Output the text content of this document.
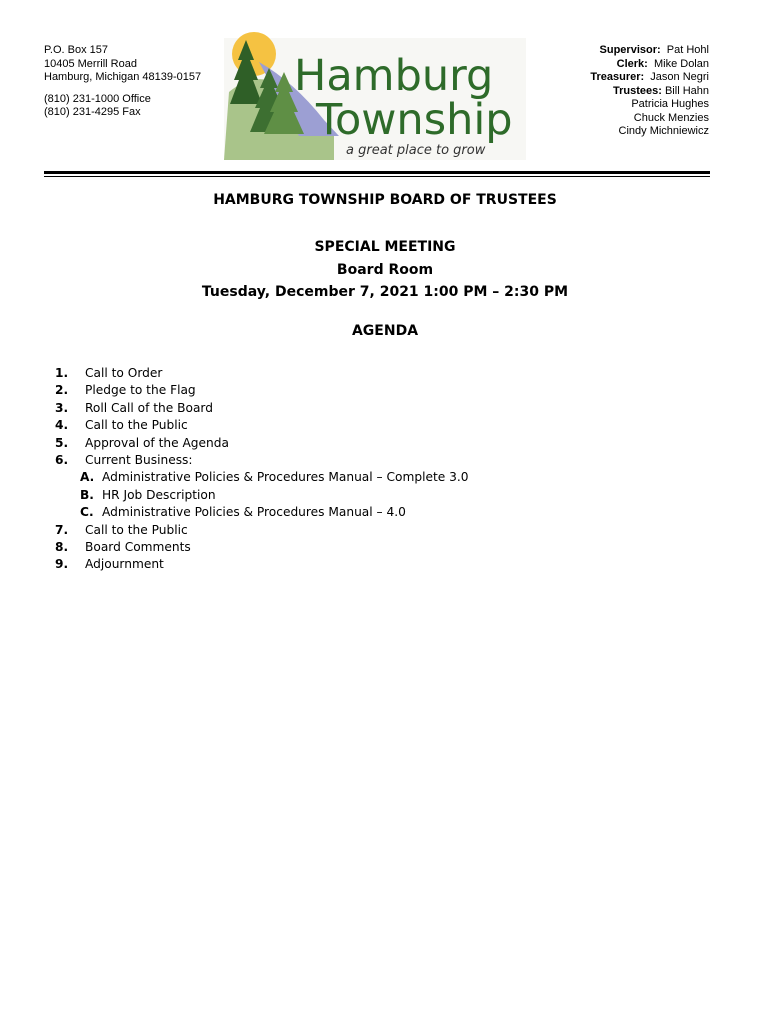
P.O. Box 157
10405 Merrill Road
Hamburg, Michigan 48139-0157
(810) 231-1000 Office
(810) 231-4295 Fax
Hamburg
Township
a great place to grow
Supervisor: Pat Hohl
Clerk: Mike Dolan
Treasurer: Jason Negri
Trustees: Bill Hahn
Patricia Hughes
Chuck Menzies
Cindy Michniewicz
HAMBURG TOWNSHIP BOARD OF TRUSTEES
SPECIAL MEETING
Board Room
Tuesday, December 7, 2021 1:00 PM – 2:30 PM
AGENDA
1.	Call to Order
2.	Pledge to the Flag
3.	Roll Call of the Board
4.	Call to the Public
5.	Approval of the Agenda
6.	Current Business:
A. Administrative Policies & Procedures Manual – Complete 3.0
B. HR Job Description
C. Administrative Policies & Procedures Manual – 4.0
7.	Call to the Public
8.	Board Comments
9.	Adjournment
